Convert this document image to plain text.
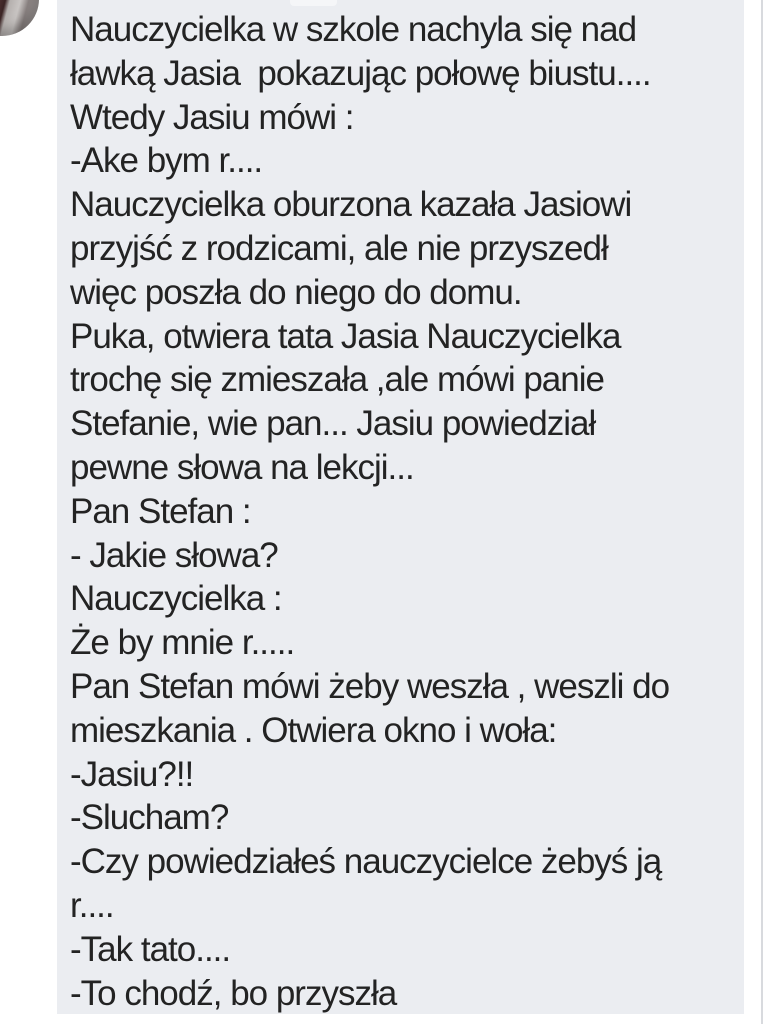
Nauczycielka w szkole nachyla się nad
ławką Jasia  pokazując połowę biustu....
Wtedy Jasiu mówi :
-Ake bym r....
Nauczycielka oburzona kazała Jasiowi
przyjść z rodzicami, ale nie przyszedł
więc poszła do niego do domu.
Puka, otwiera tata Jasia Nauczycielka
trochę się zmieszała ,ale mówi panie
Stefanie, wie pan... Jasiu powiedział
pewne słowa na lekcji...
Pan Stefan :
- Jakie słowa?
Nauczycielka :
Że by mnie r.....
Pan Stefan mówi żeby weszła , weszli do
mieszkania . Otwiera okno i woła:
-Jasiu?!!
-Slucham?
-Czy powiedziałeś nauczycielce żebyś ją
r....
-Tak tato....
-To chodź, bo przyszła
